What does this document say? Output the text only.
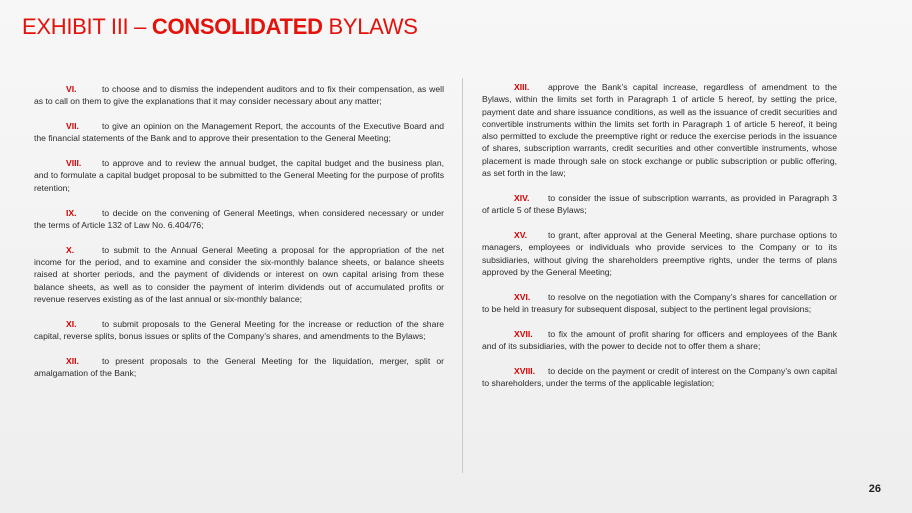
EXHIBIT III – CONSOLIDATED BYLAWS
VI.	to choose and to dismiss the independent auditors and to fix their compensation, as well as to call on them to give the explanations that it may consider necessary about any matter;
VII.	to give an opinion on the Management Report, the accounts of the Executive Board and the financial statements of the Bank and to approve their presentation to the General Meeting;
VIII. to approve and to review the annual budget, the capital budget and the business plan, and to formulate a capital budget proposal to be submitted to the General Meeting for the purpose of profits retention;
IX.	to decide on the convening of General Meetings, when considered necessary or under the terms of Article 132 of Law No. 6.404/76;
X.	to submit to the Annual General Meeting a proposal for the appropriation of the net income for the period, and to examine and consider the six-monthly balance sheets, or balance sheets raised at shorter periods, and the payment of dividends or interest on own capital arising from these balance sheets, as well as to consider the payment of interim dividends out of accumulated profits or revenue reserves existing as of the last annual or six-monthly balance;
XI.	to submit proposals to the General Meeting for the increase or reduction of the share capital, reverse splits, bonus issues or splits of the Company’s shares, and amendments to the Bylaws;
XII.	to present proposals to the General Meeting for the liquidation, merger, split or amalgamation of the Bank;
XIII. approve the Bank’s capital increase, regardless of amendment to the Bylaws, within the limits set forth in Paragraph 1 of article 5 hereof, by setting the price, payment date and share issuance conditions, as well as the issuance of credit securities and convertible instruments within the limits set forth in Paragraph 1 of article 5 hereof, it being also permitted to exclude the preemptive right or reduce the exercise periods in the issuance of shares, subscription warrants, credit securities and other convertible instruments, whose placement is made through sale on stock exchange or public subscription or public offering, as set forth in the law;
XIV. to consider the issue of subscription warrants, as provided in Paragraph 3 of article 5 of these Bylaws;
XV. to grant, after approval at the General Meeting, share purchase options to managers, employees or individuals who provide services to the Company or to its subsidiaries, without giving the shareholders preemptive rights, under the terms of plans approved by the General Meeting;
XVI. to resolve on the negotiation with the Company’s shares for cancellation or to be held in treasury for subsequent disposal, subject to the pertinent legal provisions;
XVII. to fix the amount of profit sharing for officers and employees of the Bank and of its subsidiaries, with the power to decide not to offer them a share;
XVIII. to decide on the payment or credit of interest on the Company’s own capital to shareholders, under the terms of the applicable legislation;
26
